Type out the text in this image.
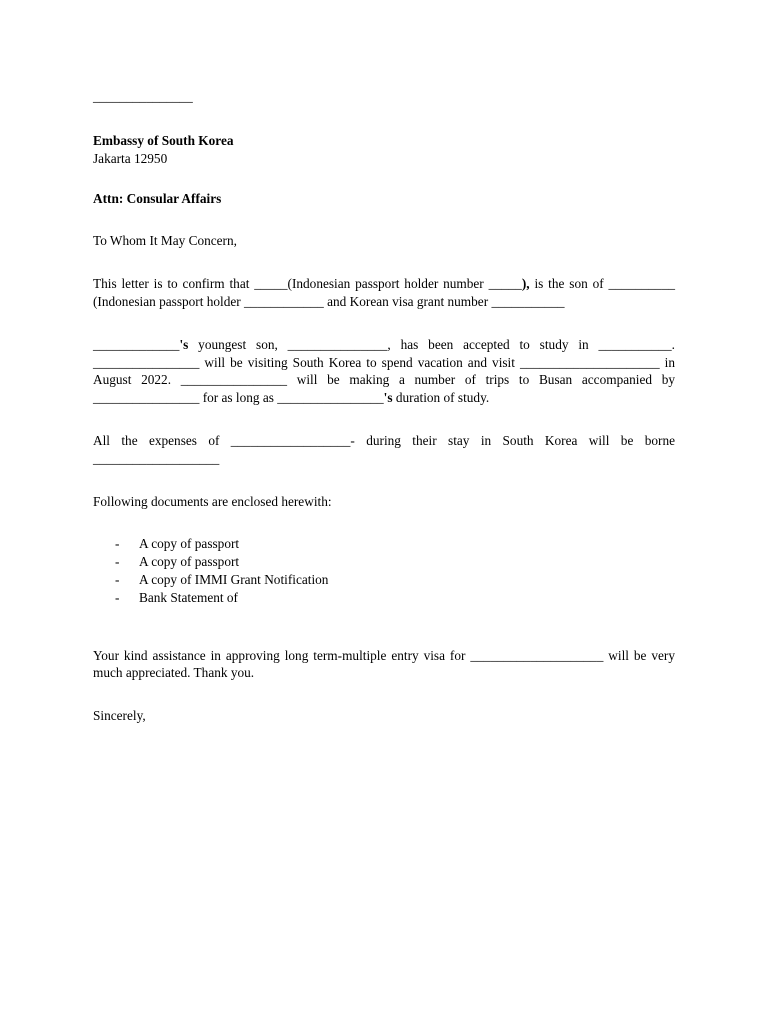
_______________
Embassy of South Korea
Jakarta 12950
Attn: Consular Affairs
To Whom It May Concern,

This letter is to confirm that _____(Indonesian passport holder number _____), is the son of __________ (Indonesian passport holder ____________ and Korean visa grant number ___________

_____________'s youngest son, _______________, has been accepted to study in ___________. ________________ will be visiting South Korea to spend vacation and visit _____________________ in August 2022. ________________ will be making a number of trips to Busan accompanied by ________________ for as long as ________________'s duration of study.

All the expenses of __________________- during their stay in South Korea will be borne ___________________

Following documents are enclosed herewith:
- A copy of passport
- A copy of passport
- A copy of IMMI Grant Notification
- Bank Statement of

Your kind assistance in approving long term-multiple entry visa for ____________________ will be very much appreciated. Thank you.

Sincerely,
